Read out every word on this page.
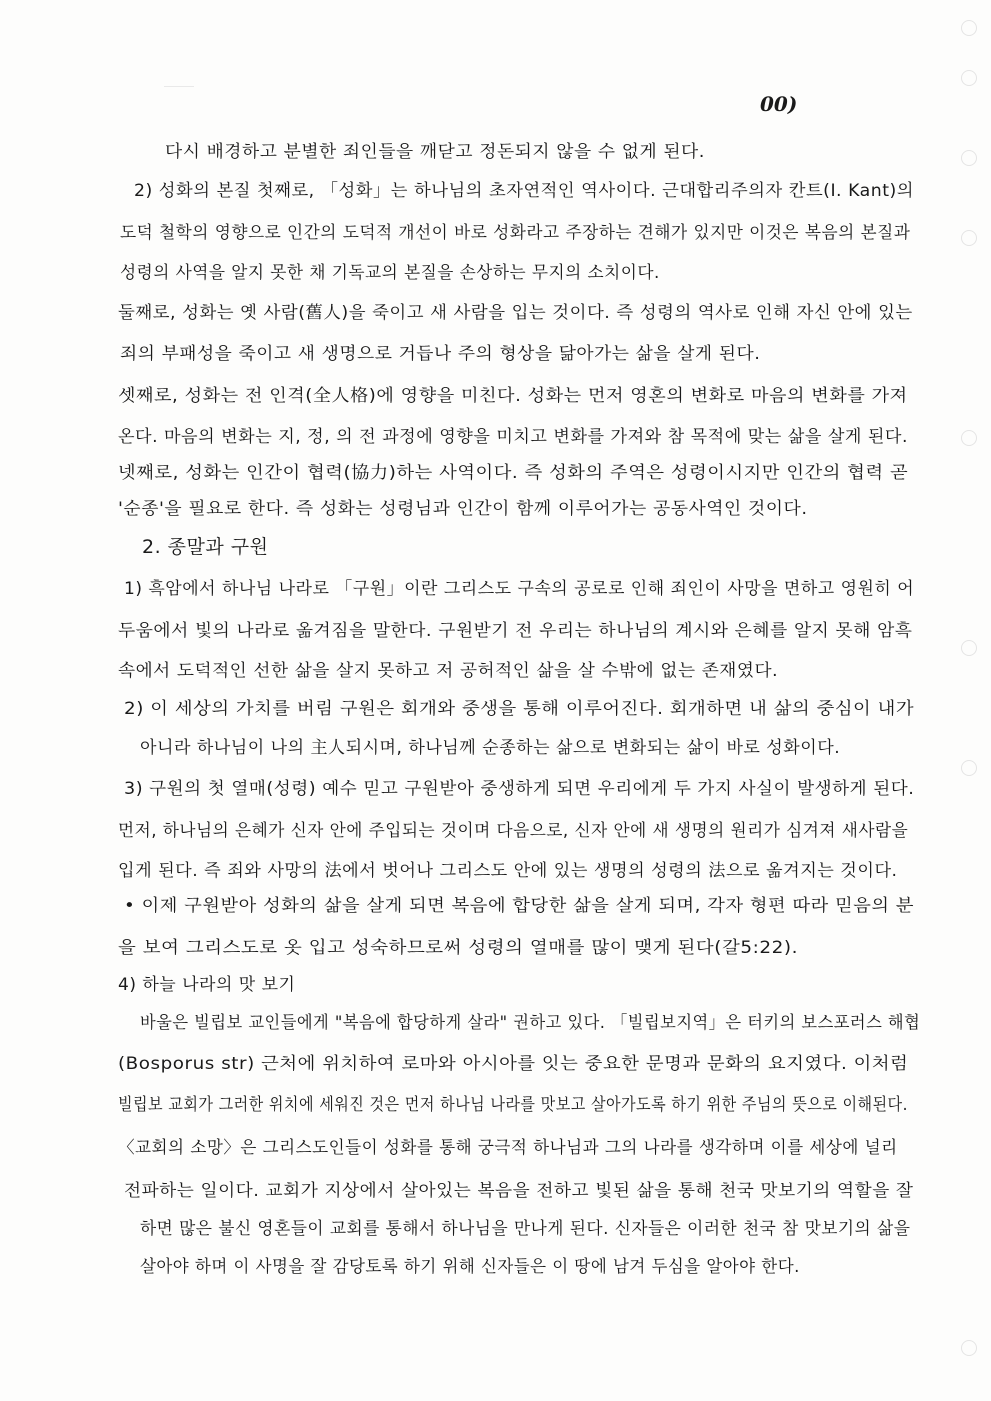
00)
다시 배경하고 분별한 죄인들을 깨닫고 정돈되지 않을 수 없게 된다.
2) 성화의 본질 첫째로, 「성화」는 하나님의 초자연적인 역사이다. 근대합리주의자 칸트(I. Kant)의
도덕 철학의 영향으로 인간의 도덕적 개선이 바로 성화라고 주장하는 견해가 있지만 이것은 복음의 본질과
성령의 사역을 알지 못한 채 기독교의 본질을 손상하는 무지의 소치이다.
둘째로, 성화는 옛 사람(舊人)을 죽이고 새 사람을 입는 것이다. 즉 성령의 역사로 인해 자신 안에 있는
죄의 부패성을 죽이고 새 생명으로 거듭나 주의 형상을 닮아가는 삶을 살게 된다.
셋째로, 성화는 전 인격(全人格)에 영향을 미친다. 성화는 먼저 영혼의 변화로 마음의 변화를 가져
온다. 마음의 변화는 지, 정, 의 전 과정에 영향을 미치고 변화를 가져와 참 목적에 맞는 삶을 살게 된다.
넷째로, 성화는 인간이 협력(協力)하는 사역이다. 즉 성화의 주역은 성령이시지만 인간의 협력 곧
'순종'을 필요로 한다. 즉 성화는 성령님과 인간이 함께 이루어가는 공동사역인 것이다.
2. 종말과 구원
1) 흑암에서 하나님 나라로 「구원」이란 그리스도 구속의 공로로 인해 죄인이 사망을 면하고 영원히 어
두움에서 빛의 나라로 옮겨짐을 말한다. 구원받기 전 우리는 하나님의 계시와 은혜를 알지 못해 암흑
속에서 도덕적인 선한 삶을 살지 못하고 저 공허적인 삶을 살 수밖에 없는 존재였다.
2) 이 세상의 가치를 버림 구원은 회개와 중생을 통해 이루어진다. 회개하면 내 삶의 중심이 내가
아니라 하나님이 나의 主人되시며, 하나님께 순종하는 삶으로 변화되는 삶이 바로 성화이다.
3) 구원의 첫 열매(성령) 예수 믿고 구원받아 중생하게 되면 우리에게 두 가지 사실이 발생하게 된다.
먼저, 하나님의 은혜가 신자 안에 주입되는 것이며 다음으로, 신자 안에 새 생명의 원리가 심겨져 새사람을
입게 된다. 즉 죄와 사망의 法에서 벗어나 그리스도 안에 있는 생명의 성령의 法으로 옮겨지는 것이다.
• 이제 구원받아 성화의 삶을 살게 되면 복음에 합당한 삶을 살게 되며, 각자 형편 따라 믿음의 분
을 보여 그리스도로 옷 입고 성숙하므로써 성령의 열매를 많이 맺게 된다(갈5:22).
4) 하늘 나라의 맛 보기
바울은 빌립보 교인들에게 "복음에 합당하게 살라" 권하고 있다. 「빌립보지역」은 터키의 보스포러스 해협
(Bosporus str) 근처에 위치하여 로마와 아시아를 잇는 중요한 문명과 문화의 요지였다. 이처럼
빌립보 교회가 그러한 위치에 세워진 것은 먼저 하나님 나라를 맛보고 살아가도록 하기 위한 주님의 뜻으로 이해된다.
〈교회의 소망〉은 그리스도인들이 성화를 통해 궁극적 하나님과 그의 나라를 생각하며 이를 세상에 널리
전파하는 일이다. 교회가 지상에서 살아있는 복음을 전하고 빛된 삶을 통해 천국 맛보기의 역할을 잘
하면 많은 불신 영혼들이 교회를 통해서 하나님을 만나게 된다. 신자들은 이러한 천국 참 맛보기의 삶을
살아야 하며 이 사명을 잘 감당토록 하기 위해 신자들은 이 땅에 남겨 두심을 알아야 한다.
